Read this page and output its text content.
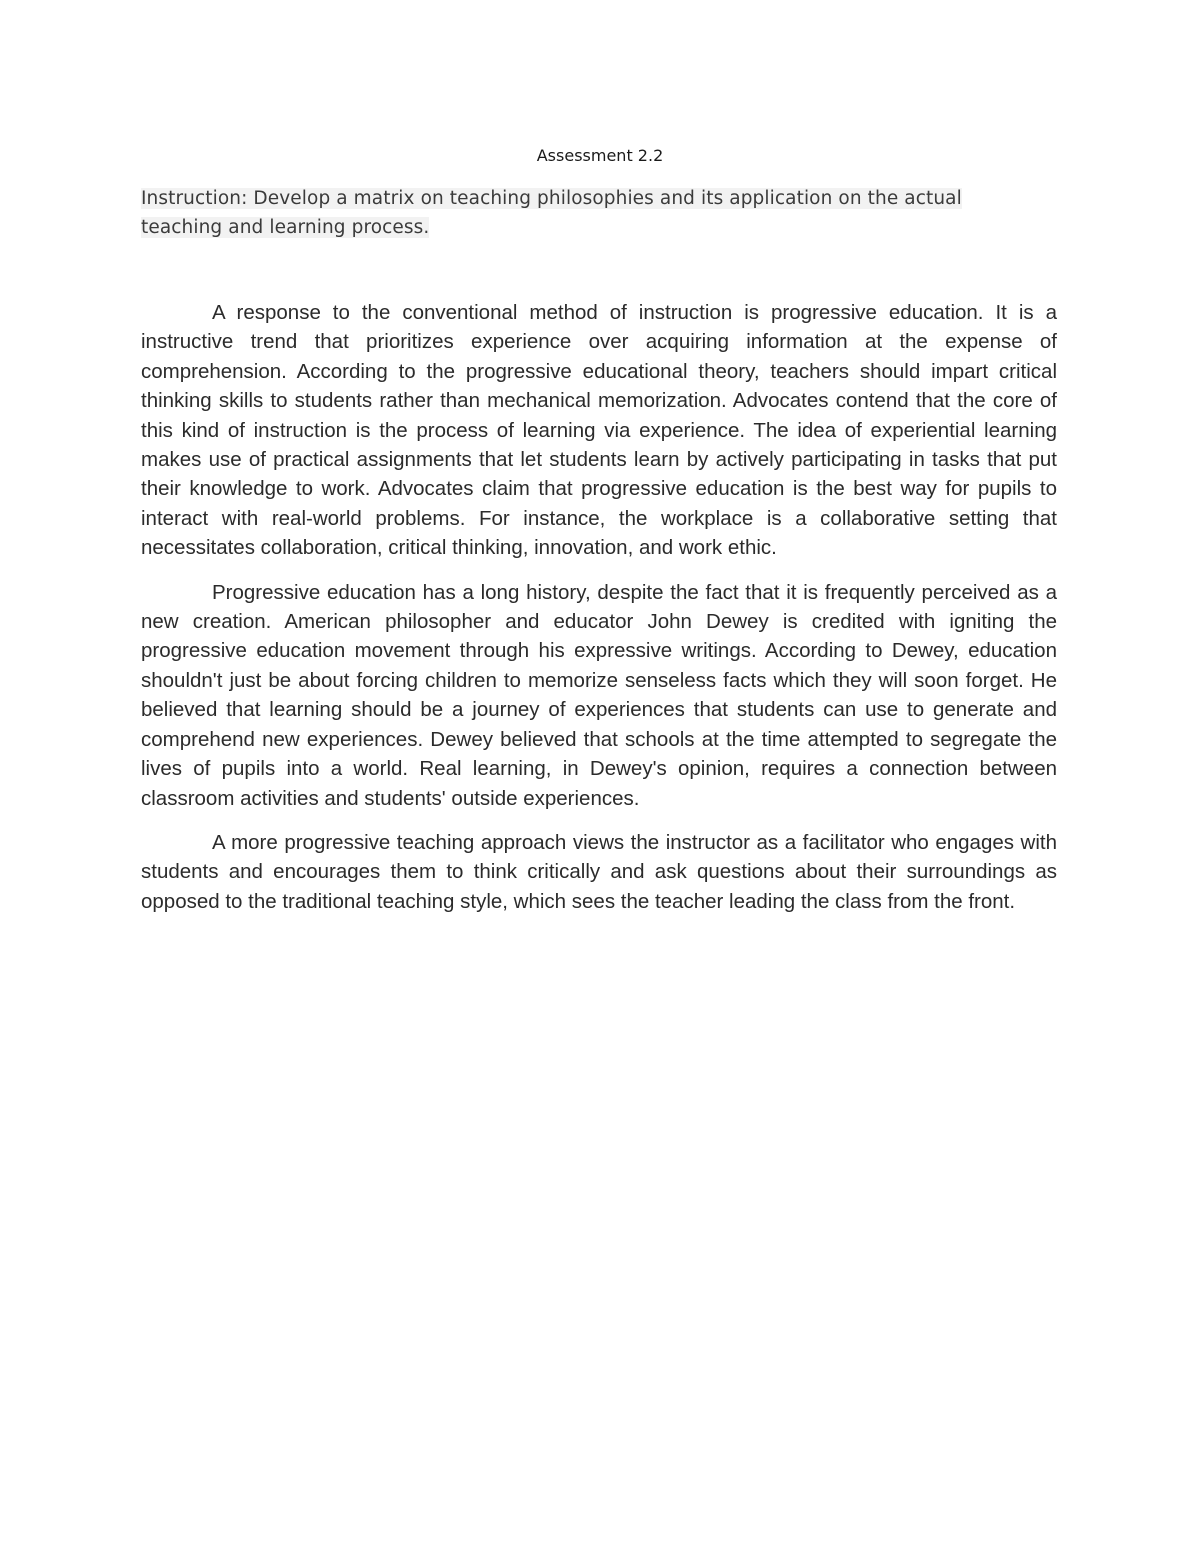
Assessment 2.2
Instruction: Develop a matrix on teaching philosophies and its application on the actual teaching and learning process.

A response to the conventional method of instruction is progressive education. It is a instructive trend that prioritizes experience over acquiring information at the expense of comprehension. According to the progressive educational theory, teachers should impart critical thinking skills to students rather than mechanical memorization. Advocates contend that the core of this kind of instruction is the process of learning via experience. The idea of experiential learning makes use of practical assignments that let students learn by actively participating in tasks that put their knowledge to work. Advocates claim that progressive education is the best way for pupils to interact with real-world problems. For instance, the workplace is a collaborative setting that necessitates collaboration, critical thinking, innovation, and work ethic.

Progressive education has a long history, despite the fact that it is frequently perceived as a new creation. American philosopher and educator John Dewey is credited with igniting the progressive education movement through his expressive writings. According to Dewey, education shouldn't just be about forcing children to memorize senseless facts which they will soon forget. He believed that learning should be a journey of experiences that students can use to generate and comprehend new experiences. Dewey believed that schools at the time attempted to segregate the lives of pupils into a world. Real learning, in Dewey's opinion, requires a connection between classroom activities and students' outside experiences.

A more progressive teaching approach views the instructor as a facilitator who engages with students and encourages them to think critically and ask questions about their surroundings as opposed to the traditional teaching style, which sees the teacher leading the class from the front.
